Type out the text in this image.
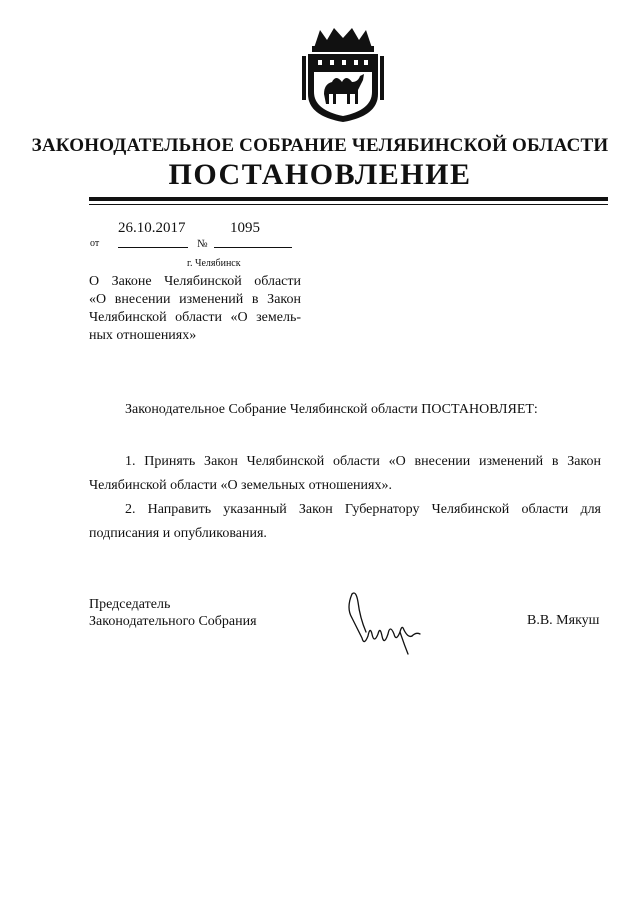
ЗАКОНОДАТЕЛЬНОЕ СОБРАНИЕ ЧЕЛЯБИНСКОЙ ОБЛАСТИ
ПОСТАНОВЛЕНИЕ
от
26.10.2017
№
1095
г. Челябинск
О Законе Челябинской области
«О внесении изменений в Закон
Челябинской области «О земель-
ных отношениях»
Законодательное Собрание Челябинской области ПОСТАНОВЛЯЕТ:
1. Принять Закон Челябинской области «О внесении изменений в Закон Челябинской области «О земельных отношениях».
2. Направить указанный Закон Губернатору Челябинской области для подписания и опубликования.
Председатель
Законодательного Собрания	В.В. Мякуш
